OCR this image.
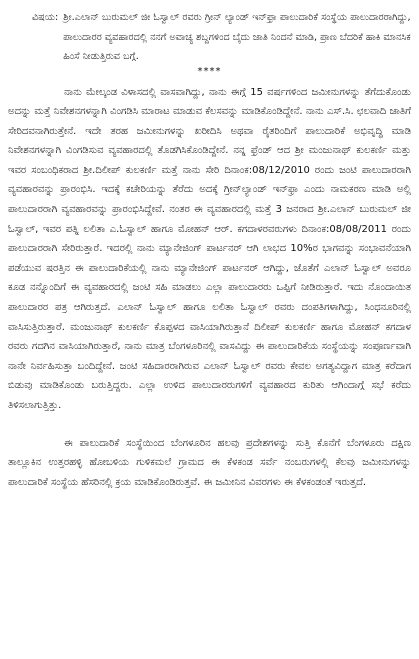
ವಿಷಯ: ಶ್ರೀ.ಎಲಾನ್ ಬುರುಮಲ್ ಜೀ ಓಸ್ವಾಲ್ ರವರು ಗ್ರೀನ್ ಲ್ಯಾಂಡ್ ಇನ್‌ಫ್ರಾ ಪಾಲುದಾರಿಕೆ ಸಂಸ್ಥೆಯ ಪಾಲುದಾರರಾಗಿದ್ದು, ಪಾಲುದಾರರ ವ್ಯವಹಾರದಲ್ಲಿ ನನಗೆ ಅವಾಚ್ಯ ಶಬ್ದಗಳಿಂದ ಬೈದು ಜಾತಿ ನಿಂದನೆ ಮಾಡಿ, ಪ್ರಾಣ ಬೆದರಿಕೆ ಹಾಕಿ ಮಾನಸಿಕ ಹಿಂಸೆ ನೀಡುತ್ತಿರುವ ಬಗ್ಗೆ.
****

ನಾನು ಮೇಲ್ಕಂಡ ವಿಳಾಸದಲ್ಲಿ ವಾಸವಾಗಿದ್ದು, ನಾನು ಈಗ್ಗೆ 15 ವರ್ಷಗಳಿಂದ ಜಮೀನುಗಳನ್ನು ತೆಗೆದುಕೊಂಡು ಅದನ್ನು ಮತ್ತೆ ನಿವೇಶನಗಳನ್ನಾಗಿ ವಿಂಗಡಿಸಿ ಮಾರಾಟ ಮಾಡುವ ಕೆಲಸವನ್ನು ಮಾಡಿಕೊಂಡಿದ್ದೇನೆ. ನಾನು ಎಸ್.ಸಿ. ಛಲವಾದಿ ಜಾತಿಗೆ ಸೇರಿದವನಾಗಿರುತ್ತೇನೆ. ಇದೇ ತರಹ ಜಮೀನುಗಳನ್ನು ಖರೀದಿಸಿ ಅಥವಾ ರೈತರಿಂದಿಗೆ ಪಾಲುದಾರಿಕೆ ಅಭಿವೃದ್ಧಿ ಮಾಡಿ ನಿವೇಶನಗಳನ್ನಾಗಿ ವಿಂಗಡಿಸುವ ವ್ಯವಹಾರದಲ್ಲಿ ತೊಡಗಿಸಿಕೊಂಡಿದ್ದೇನೆ. ನನ್ನ ಫ್ರೆಂಡ್ ಆದ ಶ್ರೀ ಮಂಜುನಾಥ್ ಕುಲಕರ್ಣಿ ಮತ್ತು ಇವರ ಸಂಬಂಧಿಕರಾದ ಶ್ರೀ.ದಿಲೀಪ್ ಕುಲಕರ್ಣಿ ಮತ್ತೆ ನಾನು ಸೇರಿ ದಿನಾಂಕ:08/12/2010 ರಂದು ಜಂಟಿ ಪಾಲುದಾರರಾಗಿ ವ್ಯವಹಾರವನ್ನು ಪ್ರಾರಂಭಿಸಿ. ಇದಕ್ಕೆ ಕಚೇರಿಯನ್ನು ತೆರೆದು ಅದಕ್ಕೆ ಗ್ರೀನ್‌ಲ್ಯಾಂಡ್ ಇನ್‌ಫ್ರಾ ಎಂದು ನಾಮಕರಣ ಮಾಡಿ ಅಲ್ಲಿ ಪಾಲುದಾರರಾಗಿ ವ್ಯವಹಾರವನ್ನು ಪ್ರಾರಂಭಿಸಿದ್ದೇವೆ. ನಂತರ ಈ ವ್ಯವಹಾರದಲ್ಲಿ ಮತ್ತೆ 3 ಜನರಾದ ಶ್ರೀ.ಎಲಾನ್ ಬುರುಮಲ್ ಜೀ ಓಸ್ವಾಲ್, ಇವರ ಪತ್ನಿ ಲಲಿತಾ ಎ.ಓಸ್ವಾಲ್ ಹಾಗೂ ಮೋಹನ್ ಆರ್. ಕಗದಾಳರವರುಗಳು ದಿನಾಂಕ:08/08/2011 ರಂದು ಪಾಲುದಾರರಾಗಿ ಸೇರಿರುತ್ತಾರೆ. ಇದರಲ್ಲಿ ನಾನು ಮ್ಯಾನೇಜಿಂಗ್ ಪಾರ್ಟನರ್ ಆಗಿ ಲಾಭದ 10%ರ ಭಾಗವನ್ನು ಸಂಭಾವನೆಯಾಗಿ ಪಡೆಯುವ ಷರತ್ತಿನ ಈ ಪಾಲುದಾರಿಕೆಯಲ್ಲಿ ನಾನು ಮ್ಯಾನೇಜಿಂಗ್ ಪಾರ್ಟನರ್ ಆಗಿದ್ದು, ಜೊತೆಗೆ ಎಲಾನ್ ಓಸ್ವಾಲ್ ಅವರೂ ಕೂಡ ನನ್ನೊಂದಿಗೆ ಈ ವ್ಯವಹಾರದಲ್ಲಿ ಜಂಟಿ ಸಹಿ ಮಾಡಲು ಎಲ್ಲಾ ಪಾಲುದಾರರು ಒಪ್ಪಿಗೆ ನೀಡಿರುತ್ತಾರೆ. ಇದು ನೊಂದಾಯಿತ ಪಾಲುದಾರರ ಪತ್ರ ಆಗಿರುತ್ತದೆ. ಎಲಾನ್ ಓಸ್ವಾಲ್ ಹಾಗೂ ಲಲಿತಾ ಓಸ್ವಾಲ್ ರವರು ದಂಪತಿಗಳಾಗಿದ್ದು, ಸಿಂಧನೂರಿನಲ್ಲಿ ವಾಸಿಸುತ್ತಿರುತ್ತಾರೆ. ಮಂಜುನಾಥ್ ಕುಲಕರ್ಣಿ ಕೊಪ್ಪಳದ ವಾಸಿಯಾಗಿರುತ್ತಾನೆ ದಿಲೀಪ್ ಕುಲಕರ್ಣಿ ಹಾಗೂ ಮೋಹನ್ ಕಗದಾಳ ರವರು ಗದಗಿನ ವಾಸಿಯಾಗಿರುತ್ತಾರೆ, ನಾನು ಮಾತ್ರ ಬೆಂಗಳೂರಿನಲ್ಲಿ ವಾಸವಿದ್ದು ಈ ಪಾಲುದಾರಿಕೆಯ ಸಂಸ್ಥೆಯನ್ನು ಸಂಪೂರ್ಣವಾಗಿ ನಾನೇ ನಿರ್ವಹಿಸುತ್ತಾ ಬಂದಿದ್ದೇನೆ. ಜಂಟಿ ಸಹಿದಾರರಾಗಿರುವ ಎಲಾನ್ ಓಸ್ವಾಲ್ ರವರು ಕೇವಲ ಅಗತ್ಯವಿದ್ದಾಗ ಮಾತ್ರ ಕರೆದಾಗ ಬಿಡುವು ಮಾಡಿಕೊಂಡು ಬರುತ್ತಿದ್ದರು. ಎಲ್ಲಾ ಉಳಿದ ಪಾಲುದಾರರುಗಳಿಗೆ ವ್ಯವಹಾರದ ಕುರಿತು ಆಗಿಂದಾಗ್ಗೆ ಸಭೆ ಕರೆದು ತಿಳಿಸಲಾಗುತ್ತಿತ್ತು.

ಈ ಪಾಲುದಾರಿಕೆ ಸಂಸ್ಥೆಯಿಂದ ಬೆಂಗಳೂರಿನ ಹಲವು ಪ್ರದೇಶಗಳನ್ನು ಸುತ್ತಿ ಕೊನೆಗೆ ಬೆಂಗಳೂರು ದಕ್ಷಿಣ ತಾಲ್ಲೂಕಿನ ಉತ್ತರಹಳ್ಳಿ ಹೋಬಳಿಯ ಗುಳಿಕಮಲೆ ಗ್ರಾಮದ ಈ ಕೆಳಕಂಡ ಸರ್ವೆ ನಂಬರುಗಳಲ್ಲಿ ಕೆಲವು ಜಮೀನುಗಳನ್ನು ಪಾಲುದಾರಿಕೆ ಸಂಸ್ಥೆಯ ಹೆಸರಿನಲ್ಲಿ ಕ್ರಯ ಮಾಡಿಕೊಂಡಿರುತ್ತವೆ. ಈ ಜಮೀನಿನ ವಿವರಗಳು ಈ ಕೆಳಕಂಡಂತೆ ಇರುತ್ತದೆ.
